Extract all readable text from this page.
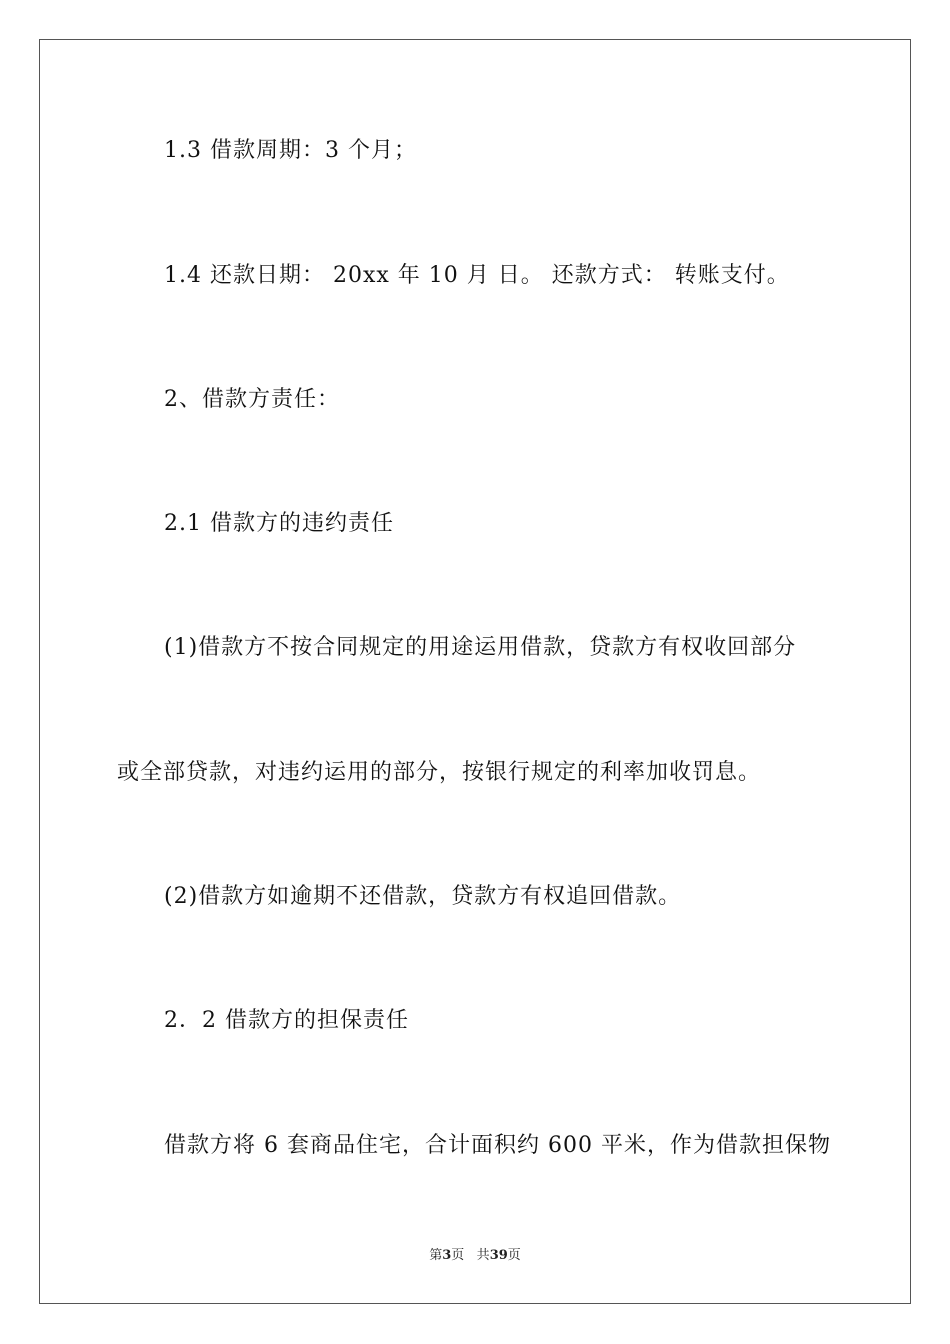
1.3 借款周期：3 个月；
1.4 还款日期： 20xx 年 10 月 日。 还款方式： 转账支付。
2、借款方责任：
2.1 借款方的违约责任
(1)借款方不按合同规定的用途运用借款，贷款方有权收回部分
或全部贷款，对违约运用的部分，按银行规定的利率加收罚息。
(2)借款方如逾期不还借款，贷款方有权追回借款。
2．2 借款方的担保责任
借款方将 6 套商品住宅，合计面积约 600 平米，作为借款担保物
第3页 共39页
